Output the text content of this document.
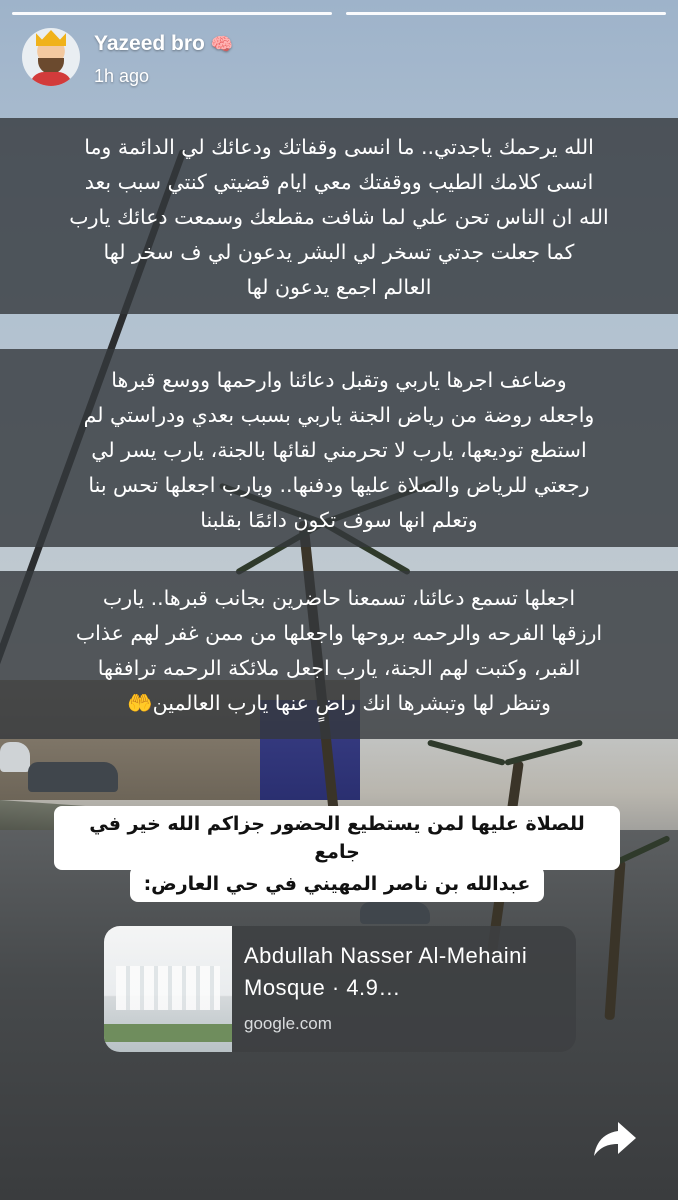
Yazeed bro 🧠
1h ago
الله يرحمك ياجدتي.. ما انسى وقفاتك ودعائك لي الدائمة وما
انسى كلامك الطيب ووقفتك معي ايام قضيتي كنتي سبب بعد
الله ان الناس تحن علي لما شافت مقطعك وسمعت دعائك يارب
كما جعلت جدتي تسخر لي البشر يدعون لي ف سخر لها
العالم اجمع يدعون لها
وضاعف اجرها ياربي وتقبل دعائنا وارحمها ووسع قبرها
واجعله روضة من رياض الجنة ياربي بسبب بعدي ودراستي لم
استطع توديعها، يارب لا تحرمني لقائها بالجنة، يارب يسر لي
رجعتي للرياض والصلاة عليها ودفنها.. ويارب اجعلها تحس بنا
وتعلم انها سوف تكون دائمًا بقلبنا
اجعلها تسمع دعائنا، تسمعنا حاضرين بجانب قبرها.. يارب
ارزقها الفرحه والرحمه بروحها واجعلها من ممن غفر لهم عذاب
القبر، وكتبت لهم الجنة، يارب اجعل ملائكة الرحمه ترافقها
وتنظر لها وتبشرها انك راضٍ عنها يارب العالمين🤲
للصلاة عليها لمن يستطيع الحضور جزاكم الله خير في جامع
عبدالله بن ناصر المهيني في حي العارض:
Abdullah Nasser Al-Mehaini Mosque · 4.9…
google.com
